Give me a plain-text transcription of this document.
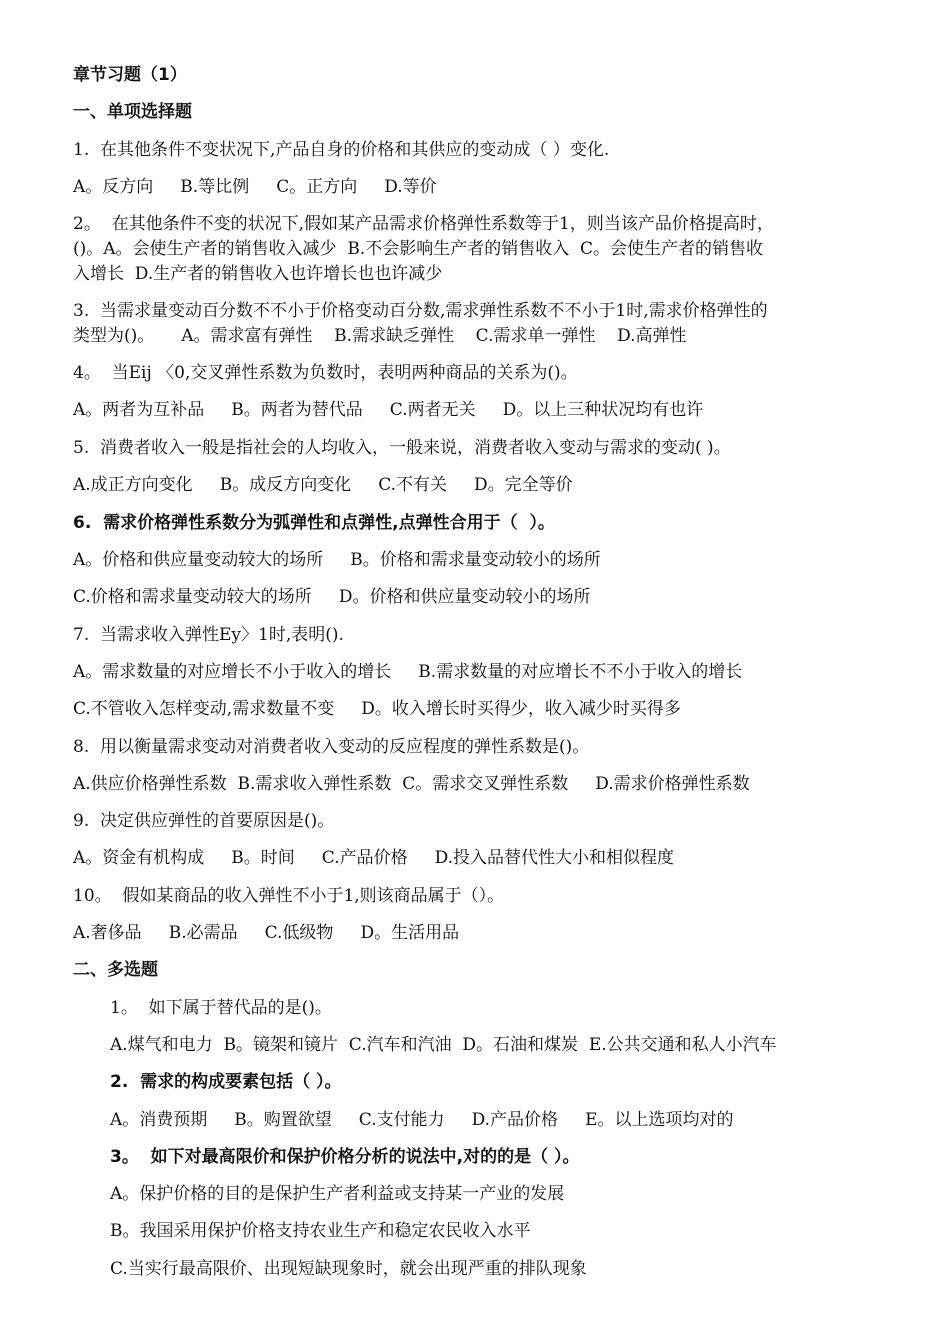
章节习题（1）
一、单项选择题
1.  在其他条件不变状况下,产品自身的价格和其供应的变动成（ ）变化.
A。反方向     B.等比例     C。正方向     D.等价
2。  在其他条件不变的状况下,假如某产品需求价格弹性系数等于1，则当该产品价格提高时，
()。A。会使生产者的销售收入减少  B.不会影响生产者的销售收入  C。会使生产者的销售收
入增长  D.生产者的销售收入也许增长也也许减少
3.  当需求量变动百分数不不小于价格变动百分数,需求弹性系数不不小于1时,需求价格弹性的
类型为()。     A。需求富有弹性    B.需求缺乏弹性    C.需求单一弹性    D.高弹性
4。  当Eij 〈0,交叉弹性系数为负数时，表明两种商品的关系为()。
A。两者为互补品     B。两者为替代品     C.两者无关     D。以上三种状况均有也许
5.  消费者收入一般是指社会的人均收入，一般来说，消费者收入变动与需求的变动( )。
A.成正方向变化     B。成反方向变化     C.不有关     D。完全等价
6.  需求价格弹性系数分为弧弹性和点弹性,点弹性合用于（  ）。
A。价格和供应量变动较大的场所     B。价格和需求量变动较小的场所
C.价格和需求量变动较大的场所     D。价格和供应量变动较小的场所
7.  当需求收入弹性Ey〉1时,表明().
A。需求数量的对应增长不小于收入的增长     B.需求数量的对应增长不不小于收入的增长
C.不管收入怎样变动,需求数量不变     D。收入增长时买得少，收入减少时买得多
8.  用以衡量需求变动对消费者收入变动的反应程度的弹性系数是()。
A.供应价格弹性系数  B.需求收入弹性系数  C。需求交叉弹性系数     D.需求价格弹性系数
9.  决定供应弹性的首要原因是()。
A。资金有机构成     B。时间     C.产品价格     D.投入品替代性大小和相似程度
10。  假如某商品的收入弹性不小于1,则该商品属于（）。
A.奢侈品     B.必需品     C.低级物     D。生活用品
二、多选题
1。  如下属于替代品的是()。
A.煤气和电力  B。镜架和镜片  C.汽车和汽油  D。石油和煤炭  E.公共交通和私人小汽车
2.  需求的构成要素包括（ ）。
A。消费预期     B。购置欲望     C.支付能力     D.产品价格     E。以上选项均对的
3。  如下对最高限价和保护价格分析的说法中,对的的是（ ）。
A。保护价格的目的是保护生产者利益或支持某一产业的发展
B。我国采用保护价格支持农业生产和稳定农民收入水平
C.当实行最高限价、出现短缺现象时，就会出现严重的排队现象
